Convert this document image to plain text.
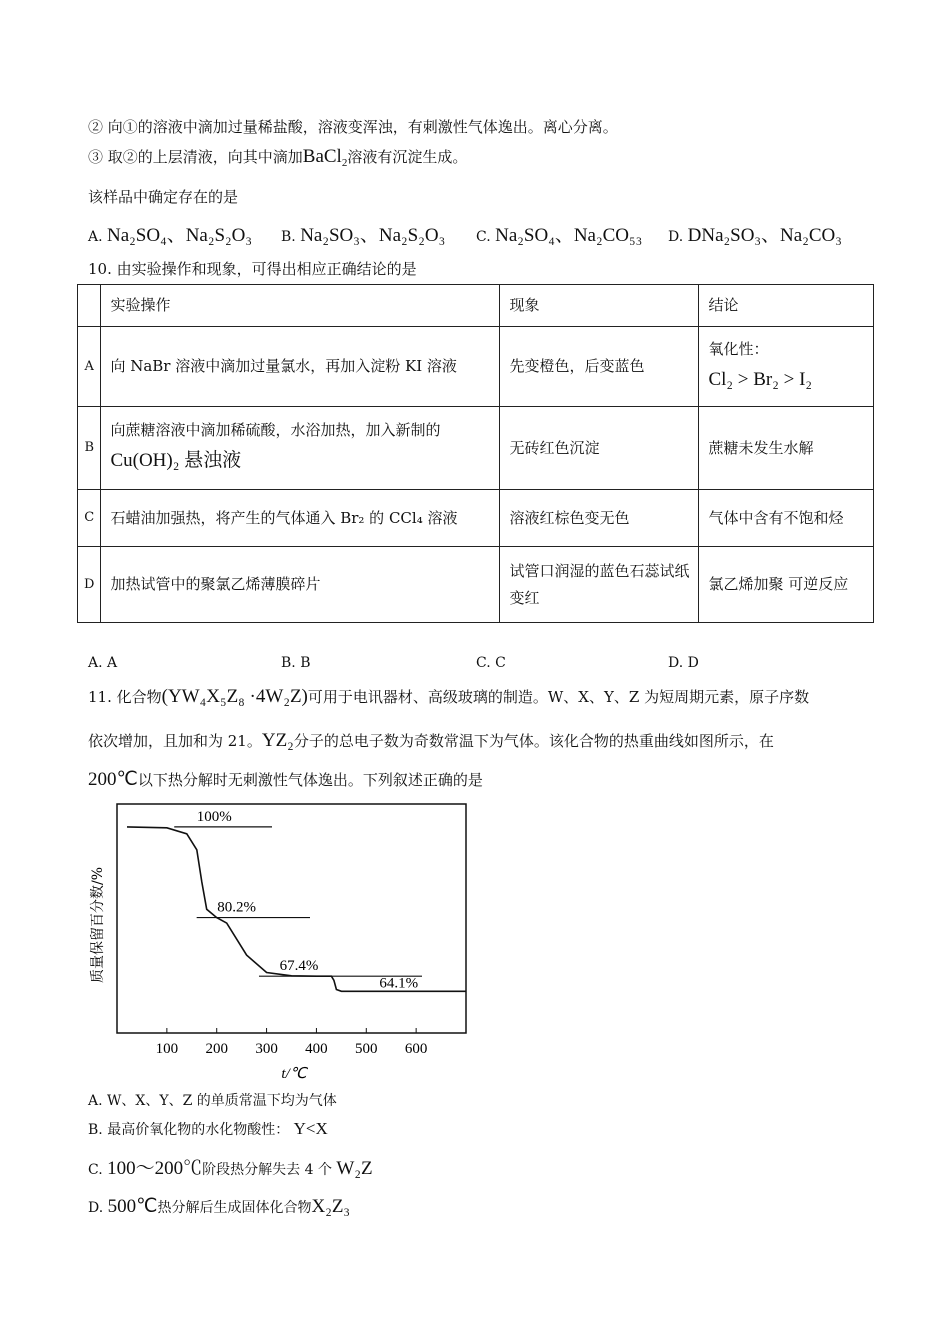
② 向①的溶液中滴加过量稀盐酸，溶液变浑浊，有刺激性气体逸出。离心分离。
③ 取②的上层清液，向其中滴加BaCl$_2$溶液有沉淀生成。
该样品中确定存在的是
A. Na₂SO₄、Na₂S₂O₃ B. Na₂SO₃、Na₂S₂O₃ C. Na₂SO₄、Na₂CO₅₃ D. DNa₂SO₃、Na₂CO₃
10. 由实验操作和现象，可得出相应正确结论的是
	实验操作	现象	结论
A	向 NaBr 溶液中滴加过量氯水，再加入淀粉 KI 溶液	先变橙色，后变蓝色	氧化性：
Cl₂ > Br₂ > I₂

B	向蔗糖溶液中滴加稀硫酸，水浴加热，加入新制的
Cu(OH)₂ 悬浊液	无砖红色沉淀	蔗糖未发生水解
C	石蜡油加强热，将产生的气体通入 Br₂ 的 CCl₄ 溶液	溶液红棕色变无色	气体中含有不饱和烃
D	加热试管中的聚氯乙烯薄膜碎片	试管口润湿的蓝色石蕊试纸变红	氯乙烯加聚 可逆反应
A. A	B. B	C. C	D. D
11. 化合物(YW₄X₅Z₈ ·4W₂Z)可用于电讯器材、高级玻璃的制造。W、X、Y、Z 为短周期元素，原子序数
依次增加，且加和为 21。YZ₂分子的总电子数为奇数常温下为气体。该化合物的热重曲线如图所示，在
200℃以下热分解时无刺激性气体逸出。下列叙述正确的是
100 200 300 400 500 600
100%
80.2%
67.4%
64.1%
t/℃
质量保留百分数/%
A. W、X、Y、Z 的单质常温下均为气体
B. 最高价氧化物的水化物酸性： Y<X
C. 100～200℃阶段热分解失去 4 个 W₂Z
D. 500℃热分解后生成固体化合物X₂Z₃
